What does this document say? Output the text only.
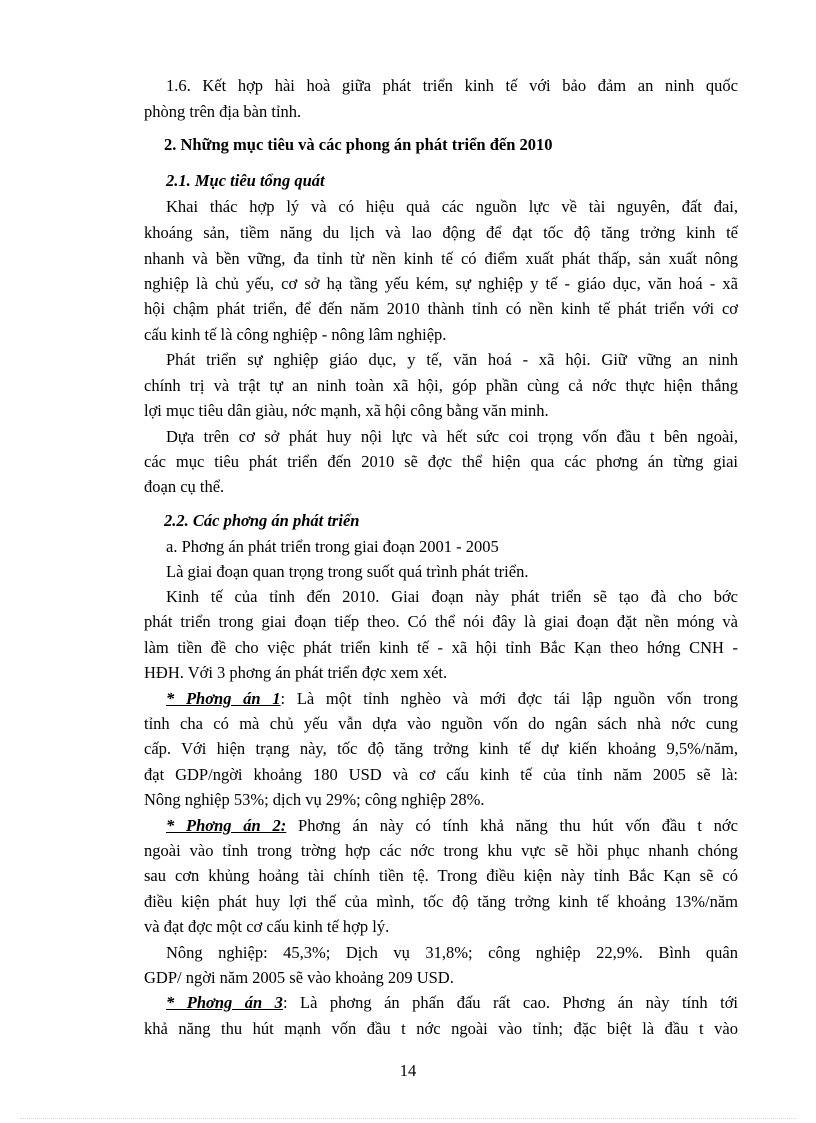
1.6. Kết hợp hài hoà giữa phát triển kinh tế với bảo đảm an ninh quốc
phòng trên địa bàn tỉnh.
2. Những mục tiêu và các phong án phát triển đến 2010
2.1. Mục tiêu tổng quát
Khai thác hợp lý và có hiệu quả các nguồn lực về tài nguyên, đất đai,
khoáng sản, tiềm năng du lịch và lao động để đạt tốc độ tăng trởng kinh tế
nhanh và bền vững, đa tỉnh từ nền kinh tế có điểm xuất phát thấp, sản xuất nông
nghiệp là chủ yếu, cơ sở hạ tầng yếu kém, sự nghiệp y tế - giáo dục, văn hoá - xã
hội chậm phát triển, để đến năm 2010 thành tỉnh có nền kinh tế phát triển với cơ
cấu kinh tế là công nghiệp - nông lâm nghiệp.
Phát triển sự nghiệp giáo dục, y tế, văn hoá - xã hội. Giữ vững an ninh
chính trị và trật tự an ninh toàn xã hội, góp phần cùng cả nớc thực hiện thắng
lợi mục tiêu dân giàu, nớc mạnh, xã hội công bằng văn minh.
Dựa trên cơ sở phát huy nội lực và hết sức coi trọng vốn đầu t bên ngoài,
các mục tiêu phát triển đến 2010 sẽ đợc thể hiện qua các phơng án từng giai
đoạn cụ thể.
2.2. Các phơng án phát triển
a. Phơng án phát triển trong giai đoạn 2001 - 2005
Là giai đoạn quan trọng trong suốt quá trình phát triển.
Kinh tế của tỉnh đến 2010. Giai đoạn này phát triển sẽ tạo đà cho bớc
phát triển trong giai đoạn tiếp theo. Có thể nói đây là giai đoạn đặt nền móng và
làm tiền đề cho việc phát triển kinh tế - xã hội tỉnh Bắc Kạn theo hớng CNH -
HĐH. Với 3 phơng án phát triển đợc xem xét.
* Phơng án 1: Là một tỉnh nghèo và mới đợc tái lập nguồn vốn trong
tỉnh cha có mà chủ yếu vẫn dựa vào nguồn vốn do ngân sách nhà nớc cung
cấp. Với hiện trạng này, tốc độ tăng trởng kinh tế dự kiến khoảng 9,5%/năm,
đạt GDP/ngời khoảng 180 USD và cơ cấu kinh tế của tỉnh năm 2005 sẽ là:
Nông nghiệp 53%; dịch vụ 29%; công nghiệp 28%.
* Phơng án 2: Phơng án này có tính khả năng thu hút vốn đầu t nớc
ngoài vào tỉnh trong trờng hợp các nớc trong khu vực sẽ hồi phục nhanh chóng
sau cơn khủng hoảng tài chính tiền tệ. Trong điều kiện này tỉnh Bắc Kạn sẽ có
điều kiện phát huy lợi thế của mình, tốc độ tăng trởng kinh tế khoảng 13%/năm
và đạt đợc một cơ cấu kinh tế hợp lý.
Nông nghiệp: 45,3%; Dịch vụ 31,8%; công nghiệp 22,9%. Bình quân
GDP/ ngời năm 2005 sẽ vào khoảng 209 USD.
* Phơng án 3: Là phơng án phấn đấu rất cao. Phơng án này tính tới
khả năng thu hút mạnh vốn đầu t nớc ngoài vào tỉnh; đặc biệt là đầu t vào
14
